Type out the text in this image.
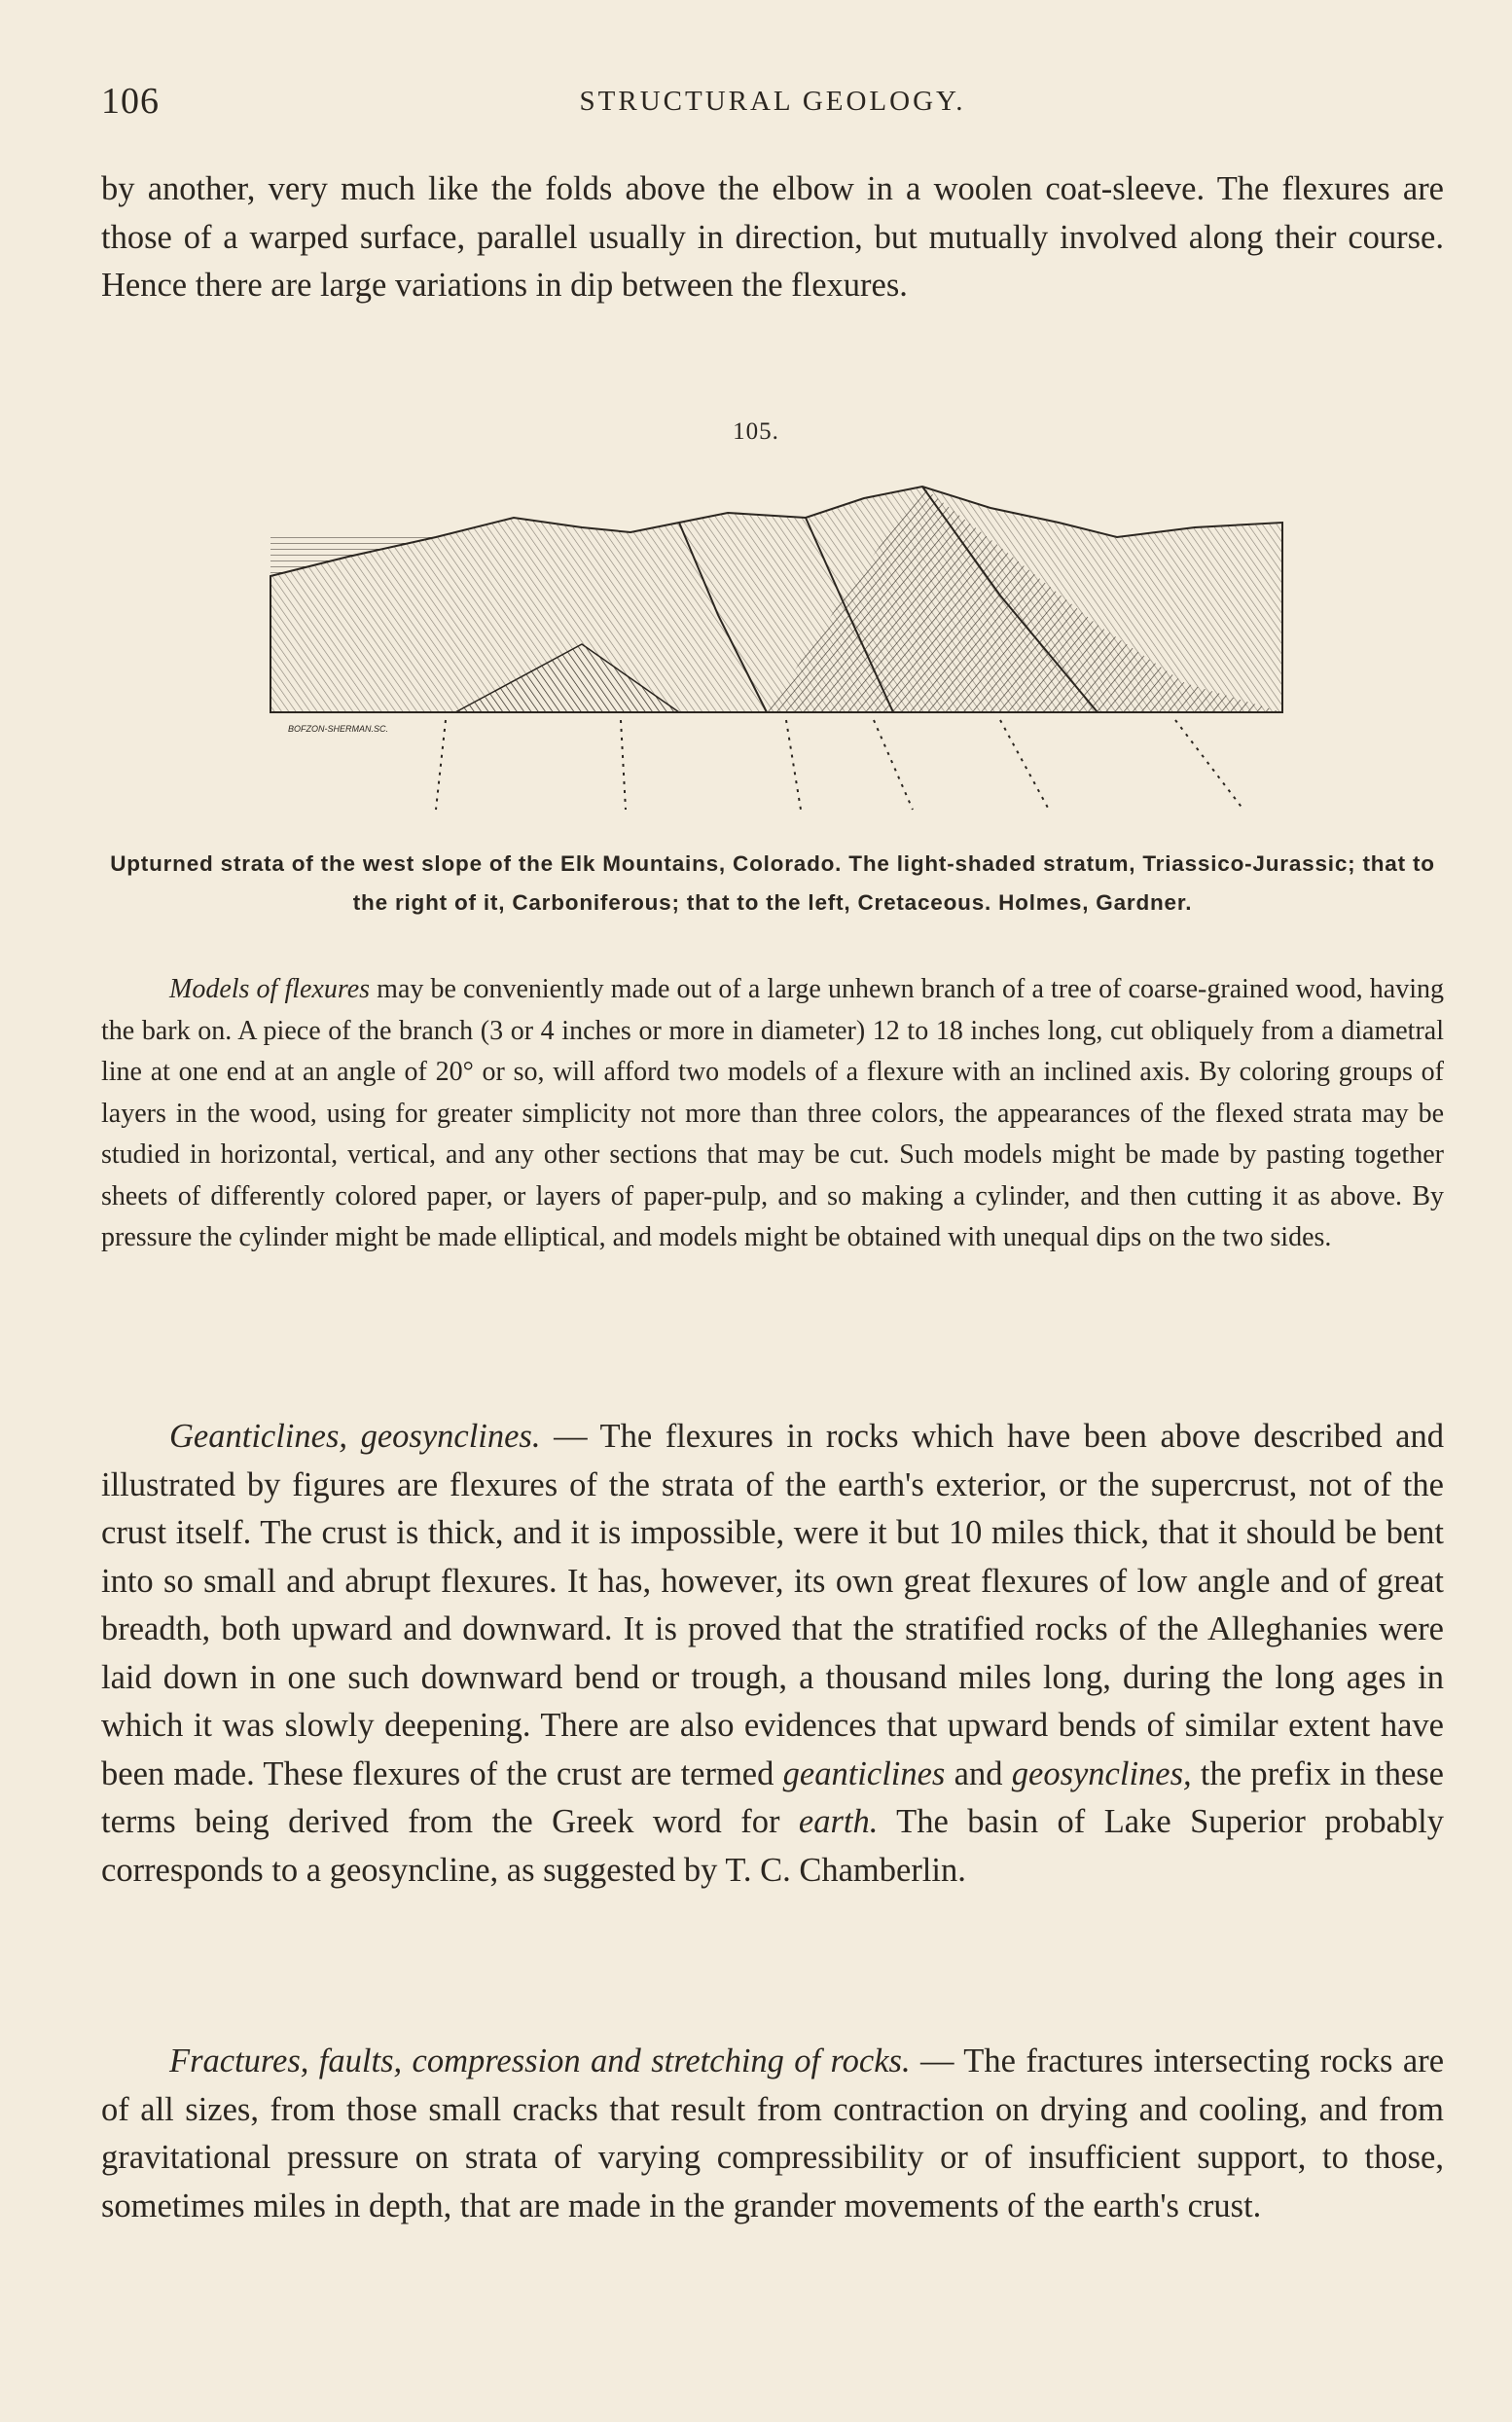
106	STRUCTURAL GEOLOGY.

by another, very much like the folds above the elbow in a woolen coat-sleeve. The flexures are those of a warped surface, parallel usually in direction, but mutually involved along their course. Hence there are large variations in dip between the flexures.

105.
BOFZON-SHERMAN.SC.
Upturned strata of the west slope of the Elk Mountains, Colorado. The light-shaded stratum, Triassico-Jurassic; that to the right of it, Carboniferous; that to the left, Cretaceous. Holmes, Gardner.

Models of flexures may be conveniently made out of a large unhewn branch of a tree of coarse-grained wood, having the bark on. A piece of the branch (3 or 4 inches or more in diameter) 12 to 18 inches long, cut obliquely from a diametral line at one end at an angle of 20° or so, will afford two models of a flexure with an inclined axis. By coloring groups of layers in the wood, using for greater simplicity not more than three colors, the appearances of the flexed strata may be studied in horizontal, vertical, and any other sections that may be cut. Such models might be made by pasting together sheets of differently colored paper, or layers of paper-pulp, and so making a cylinder, and then cutting it as above. By pressure the cylinder might be made elliptical, and models might be obtained with unequal dips on the two sides.

Geanticlines, geosynclines. — The flexures in rocks which have been above described and illustrated by figures are flexures of the strata of the earth's exterior, or the supercrust, not of the crust itself. The crust is thick, and it is impossible, were it but 10 miles thick, that it should be bent into so small and abrupt flexures. It has, however, its own great flexures of low angle and of great breadth, both upward and downward. It is proved that the stratified rocks of the Alleghanies were laid down in one such downward bend or trough, a thousand miles long, during the long ages in which it was slowly deepening. There are also evidences that upward bends of similar extent have been made. These flexures of the crust are termed geanticlines and geosynclines, the prefix in these terms being derived from the Greek word for earth. The basin of Lake Superior probably corresponds to a geosyncline, as suggested by T. C. Chamberlin.

Fractures, faults, compression and stretching of rocks. — The fractures intersecting rocks are of all sizes, from those small cracks that result from contraction on drying and cooling, and from gravitational pressure on strata of varying compressibility or of insufficient support, to those, sometimes miles in depth, that are made in the grander movements of the earth's crust.
